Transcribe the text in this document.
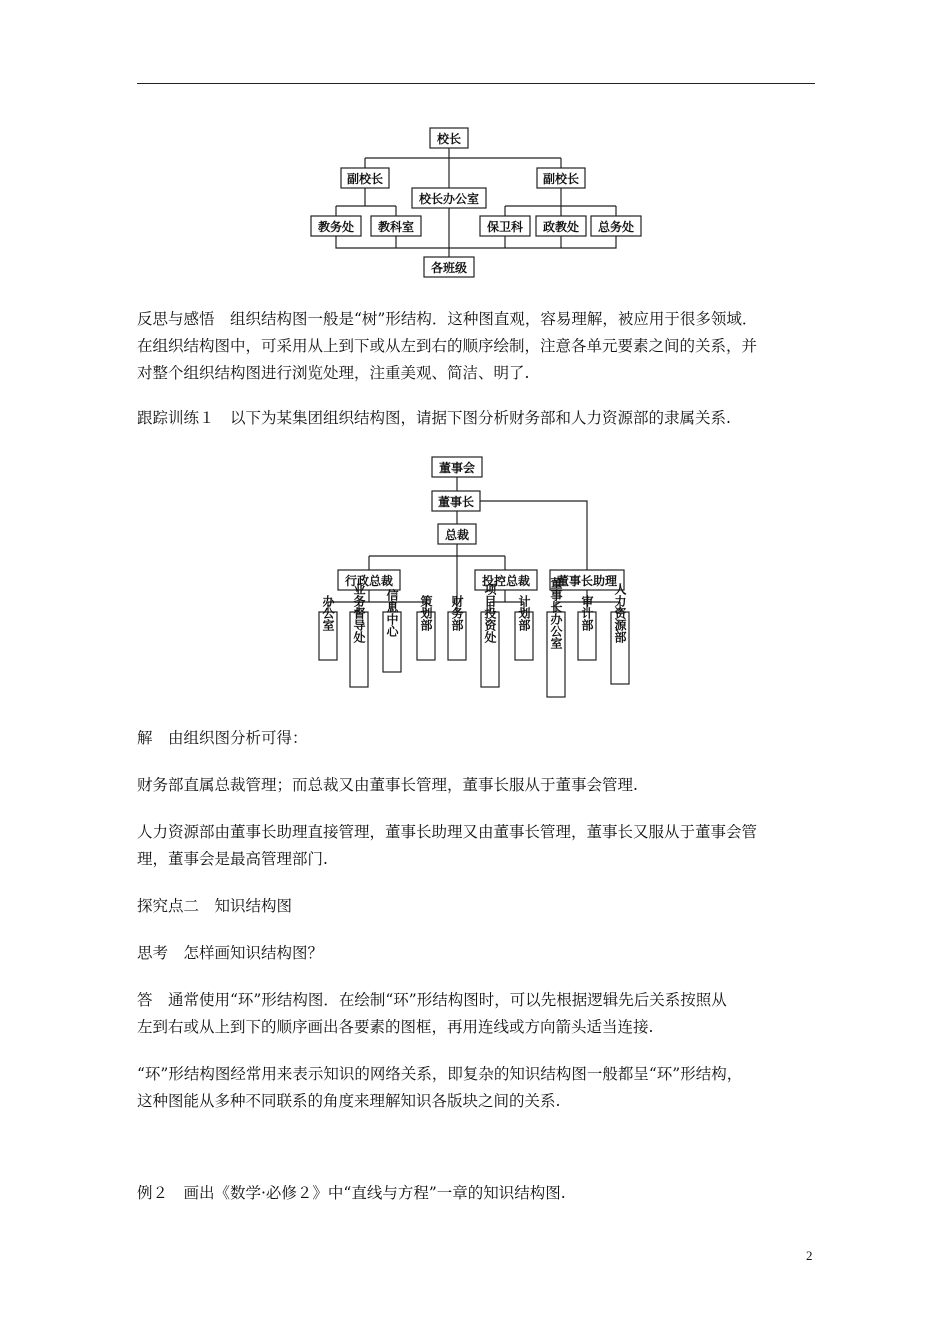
校长
副校长	副校长
校长办公室
教务处 教科室	保卫科 政教处 总务处
各班级
反思与感悟　组织结构图一般是“树”形结构．这种图直观，容易理解，被应用于很多领域．
在组织结构图中，可采用从上到下或从左到右的顺序绘制，注意各单元要素之间的关系，并
对整个组织结构图进行浏览处理，注重美观、简洁、明了.
跟踪训练１　以下为某集团组织结构图，请据下图分析财务部和人力资源部的隶属关系.
董事会
董事长
总裁
行政总裁	投控总裁 董事长助理
办公室 业务督导处 信息中心 策划部 财务部 项目投资处 计划部 董事长办公室 审计部 人力资源部
解　由组织图分析可得：
财务部直属总裁管理；而总裁又由董事长管理，董事长服从于董事会管理.
人力资源部由董事长助理直接管理，董事长助理又由董事长管理，董事长又服从于董事会管
理，董事会是最高管理部门.
探究点二　知识结构图
思考　怎样画知识结构图？
答　通常使用“环”形结构图．在绘制“环”形结构图时，可以先根据逻辑先后关系按照从
左到右或从上到下的顺序画出各要素的图框，再用连线或方向箭头适当连接.
“环”形结构图经常用来表示知识的网络关系，即复杂的知识结构图一般都呈“环”形结构，
这种图能从多种不同联系的角度来理解知识各版块之间的关系.
例２　画出《数学·必修２》中“直线与方程”一章的知识结构图.
2
